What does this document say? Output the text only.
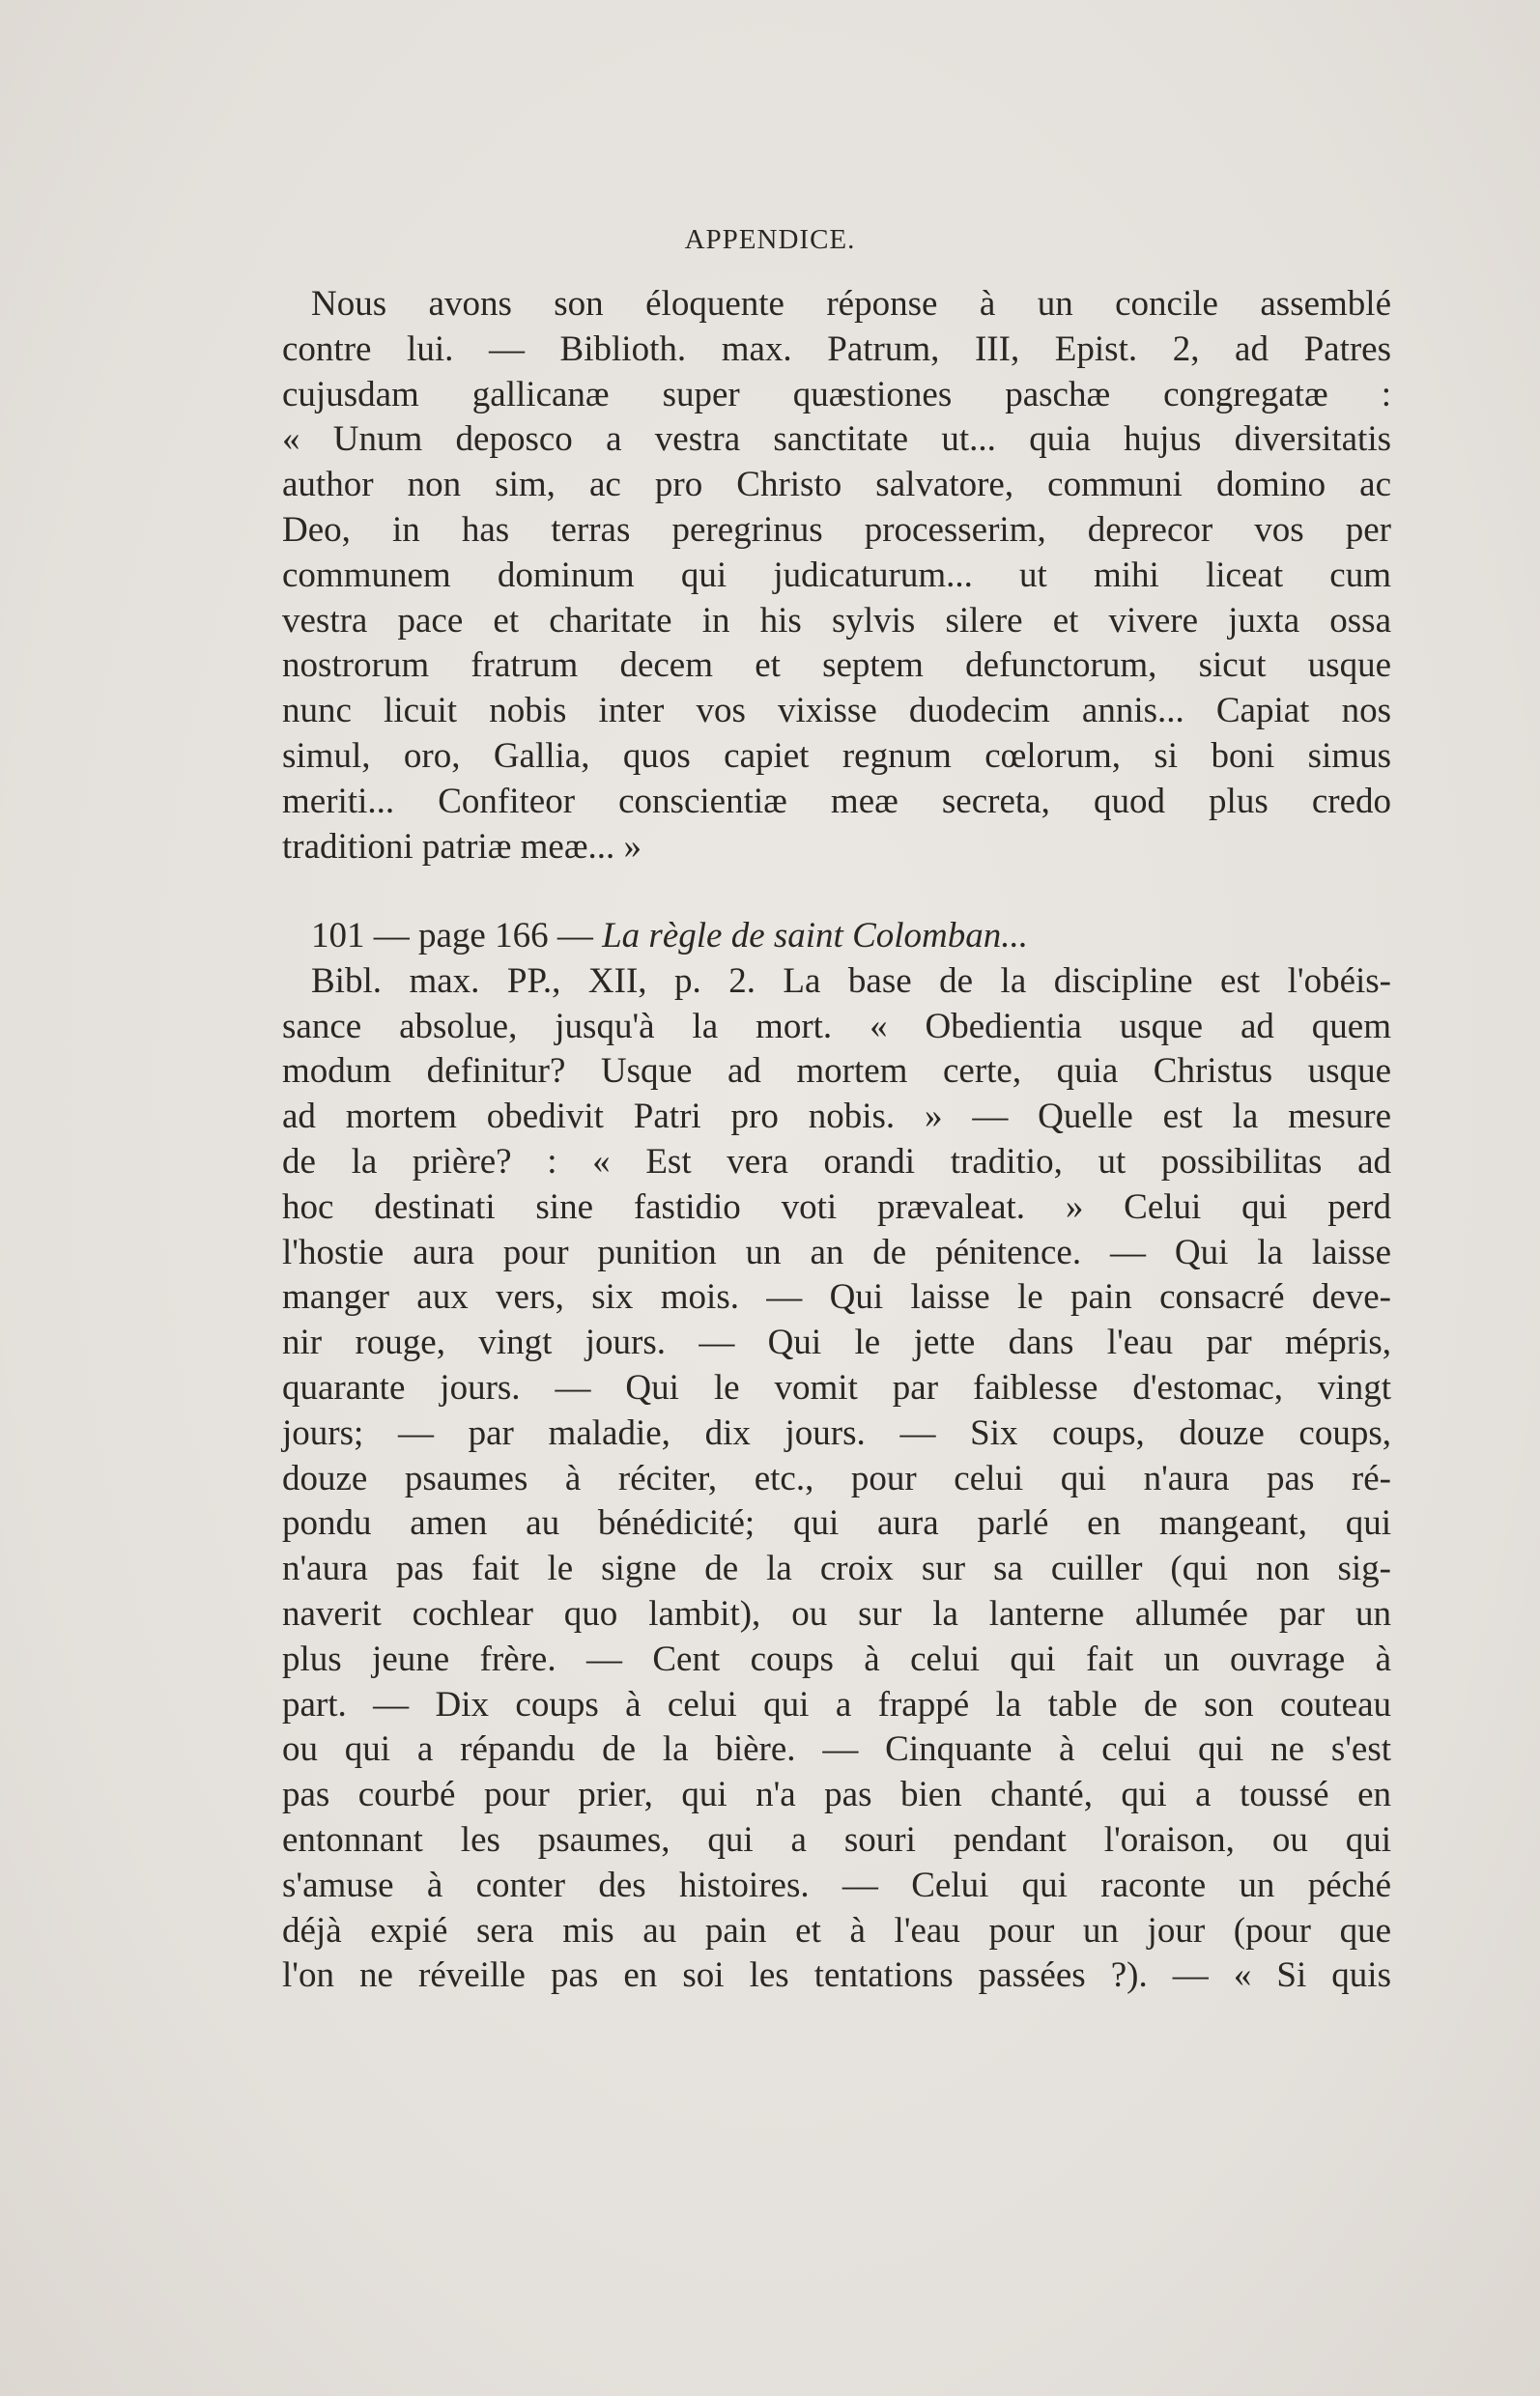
APPENDICE.
Nous avons son éloquente réponse à un concile assemblé
contre lui. — Biblioth. max. Patrum, III, Epist. 2, ad Patres
cujusdam gallicanæ super quæstiones paschæ congregatæ :
« Unum deposco a vestra sanctitate ut... quia hujus diversitatis
author non sim, ac pro Christo salvatore, communi domino ac
Deo, in has terras peregrinus processerim, deprecor vos per
communem dominum qui judicaturum... ut mihi liceat cum
vestra pace et charitate in his sylvis silere et vivere juxta ossa
nostrorum fratrum decem et septem defunctorum, sicut usque
nunc licuit nobis inter vos vixisse duodecim annis... Capiat nos
simul, oro, Gallia, quos capiet regnum cœlorum, si boni simus
meriti... Confiteor conscientiæ meæ secreta, quod plus credo
traditioni patriæ meæ... »
101 — page 166 — La règle de saint Colomban...
Bibl. max. PP., XII, p. 2. La base de la discipline est l'obéis-
sance absolue, jusqu'à la mort. « Obedientia usque ad quem
modum definitur? Usque ad mortem certe, quia Christus usque
ad mortem obedivit Patri pro nobis. » — Quelle est la mesure
de la prière? : « Est vera orandi traditio, ut possibilitas ad
hoc destinati sine fastidio voti prævaleat. » Celui qui perd
l'hostie aura pour punition un an de pénitence. — Qui la laisse
manger aux vers, six mois. — Qui laisse le pain consacré deve-
nir rouge, vingt jours. — Qui le jette dans l'eau par mépris,
quarante jours. — Qui le vomit par faiblesse d'estomac, vingt
jours; — par maladie, dix jours. — Six coups, douze coups,
douze psaumes à réciter, etc., pour celui qui n'aura pas ré-
pondu amen au bénédicité; qui aura parlé en mangeant, qui
n'aura pas fait le signe de la croix sur sa cuiller (qui non sig-
naverit cochlear quo lambit), ou sur la lanterne allumée par un
plus jeune frère. — Cent coups à celui qui fait un ouvrage à
part. — Dix coups à celui qui a frappé la table de son couteau
ou qui a répandu de la bière. — Cinquante à celui qui ne s'est
pas courbé pour prier, qui n'a pas bien chanté, qui a toussé en
entonnant les psaumes, qui a souri pendant l'oraison, ou qui
s'amuse à conter des histoires. — Celui qui raconte un péché
déjà expié sera mis au pain et à l'eau pour un jour (pour que
l'on ne réveille pas en soi les tentations passées ?). — « Si quis
